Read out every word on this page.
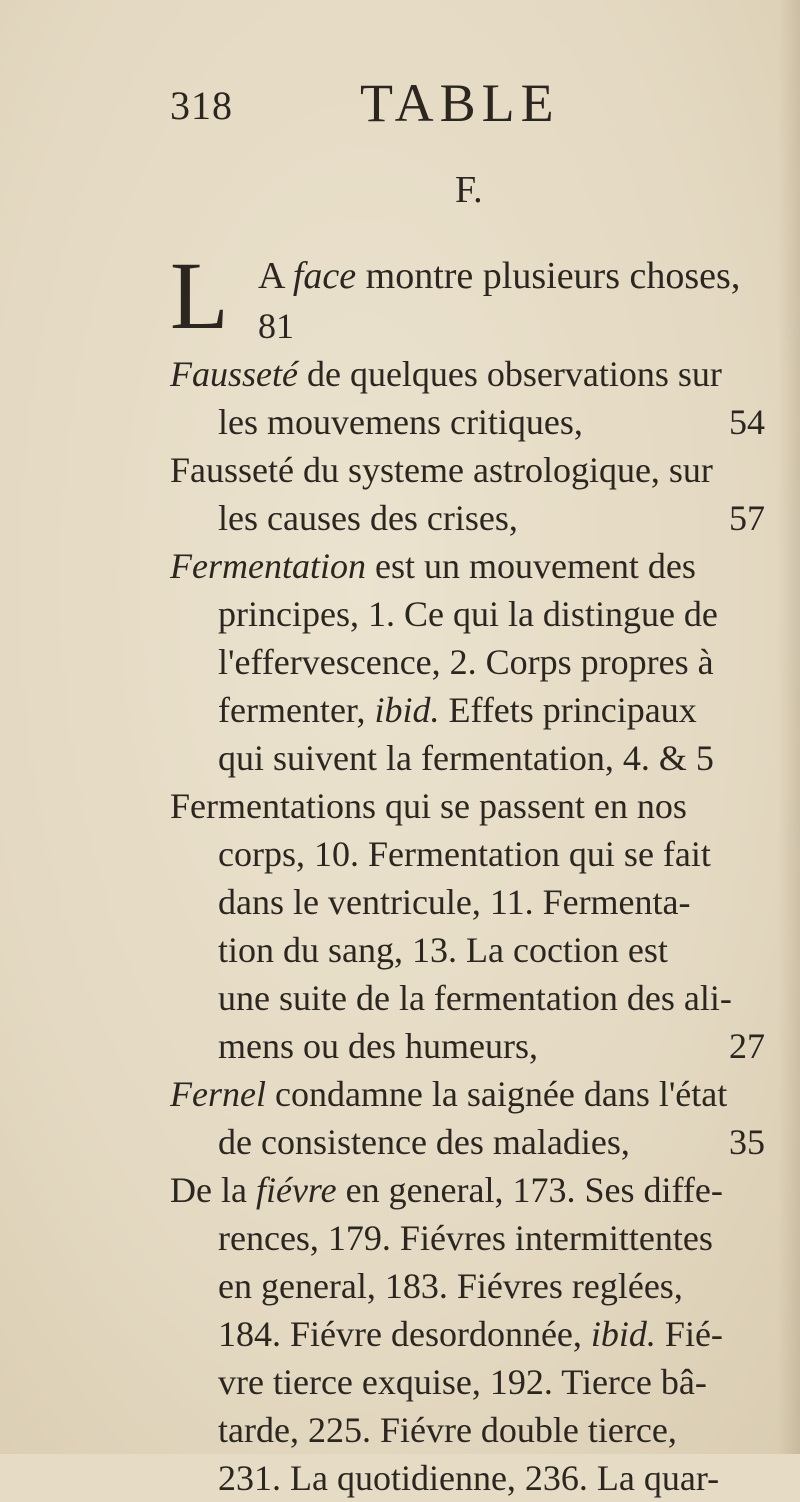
318 TABLE
F.
L A face montre plusieurs choses,
81
Fausseté de quelques observations sur
les mouvemens critiques,	54
Fausseté du systeme astrologique, sur
les causes des crises,	57
Fermentation est un mouvement des
principes, 1. Ce qui la distingue de
l'effervescence, 2. Corps propres à
fermenter, ibid. Effets principaux
qui suivent la fermentation, 4. & 5
Fermentations qui se passent en nos
corps, 10. Fermentation qui se fait
dans le ventricule, 11. Fermenta-
tion du sang, 13. La coction est
une suite de la fermentation des ali-
mens ou des humeurs,	27
Fernel condamne la saignée dans l'état
de consistence des maladies,	35
De la fiévre en general, 173. Ses diffe-
rences, 179. Fiévres intermittentes
en general, 183. Fiévres reglées,
184. Fiévre desordonnée, ibid. Fié-
vre tierce exquise, 192. Tierce bâ-
tarde, 225. Fiévre double tierce,
231. La quotidienne, 236. La quar-
